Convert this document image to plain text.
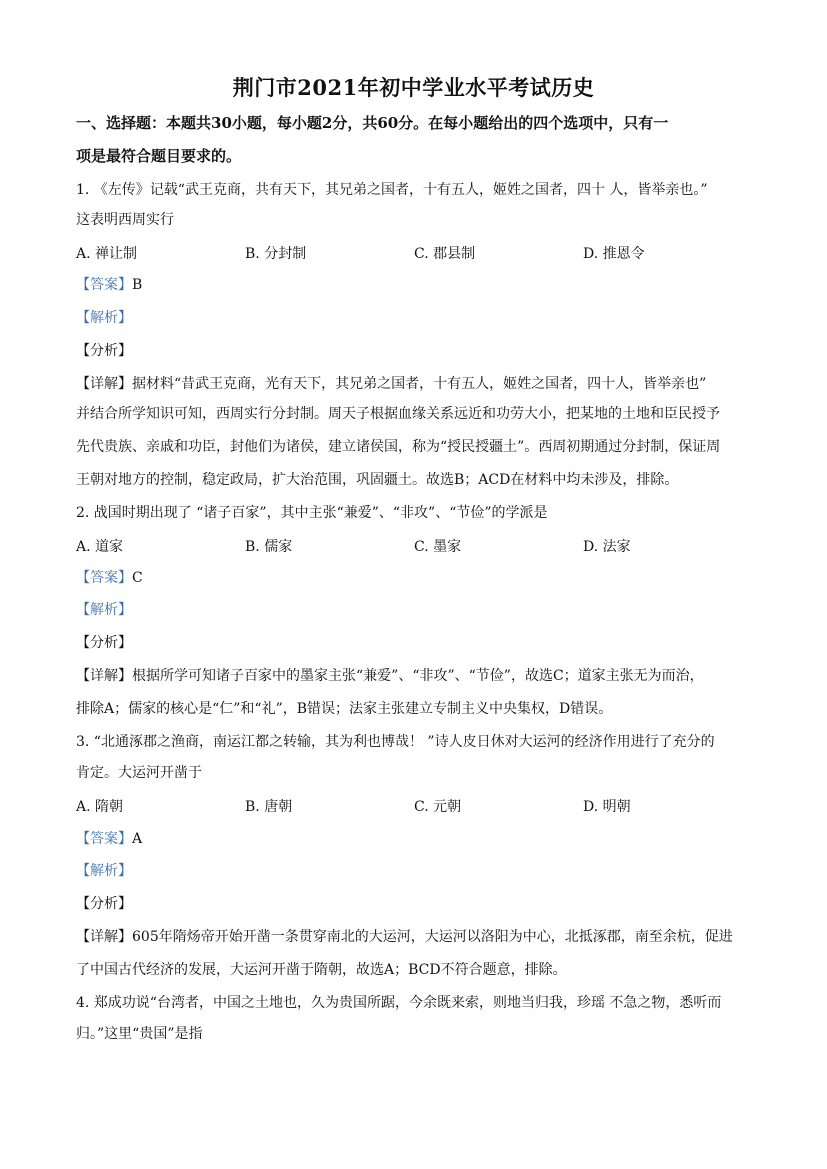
荆门市2021年初中学业水平考试历史
一、选择题：本题共30小题，每小题2分，共60分。在每小题给出的四个选项中，只有一
项是最符合题目要求的。
1. 《左传》记载“武王克商，共有天下，其兄弟之国者，十有五人，姬姓之国者，四十 人，皆举亲也。”
这表明西周实行
A. 禅让制	B. 分封制	C. 郡县制	D. 推恩令
【答案】B
【解析】
【分析】
【详解】据材料“昔武王克商，光有天下，其兄弟之国者，十有五人，姬姓之国者，四十人，皆举亲也”
并结合所学知识可知，西周实行分封制。周天子根据血缘关系远近和功劳大小，把某地的土地和臣民授予
先代贵族、亲戚和功臣，封他们为诸侯，建立诸侯国，称为“授民授疆土”。西周初期通过分封制，保证周
王朝对地方的控制，稳定政局，扩大治范围，巩固疆土。故选B；ACD在材料中均未涉及，排除。
2. 战国时期出现了 “诸子百家”，其中主张“兼爱”、“非攻”、“节俭”的学派是
A. 道家	B. 儒家	C. 墨家	D. 法家
【答案】C
【解析】
【分析】
【详解】根据所学可知诸子百家中的墨家主张“兼爱”、“非攻”、“节俭”，故选C；道家主张无为而治，
排除A；儒家的核心是“仁”和“礼”，B错误；法家主张建立专制主义中央集权，D错误。
3. “北通涿郡之渔商，南运江都之转输，其为利也博哉！ ”诗人皮日休对大运河的经济作用进行了充分的
肯定。大运河开凿于
A. 隋朝	B. 唐朝	C. 元朝	D. 明朝
【答案】A
【解析】
【分析】
【详解】605年隋炀帝开始开凿一条贯穿南北的大运河，大运河以洛阳为中心，北抵涿郡，南至余杭，促进
了中国古代经济的发展，大运河开凿于隋朝，故选A；BCD不符合题意，排除。
4. 郑成功说“台湾者，中国之土地也，久为贵国所踞，今余既来索，则地当归我，珍瑶 不急之物，悉听而
归。”这里“贵国”是指
